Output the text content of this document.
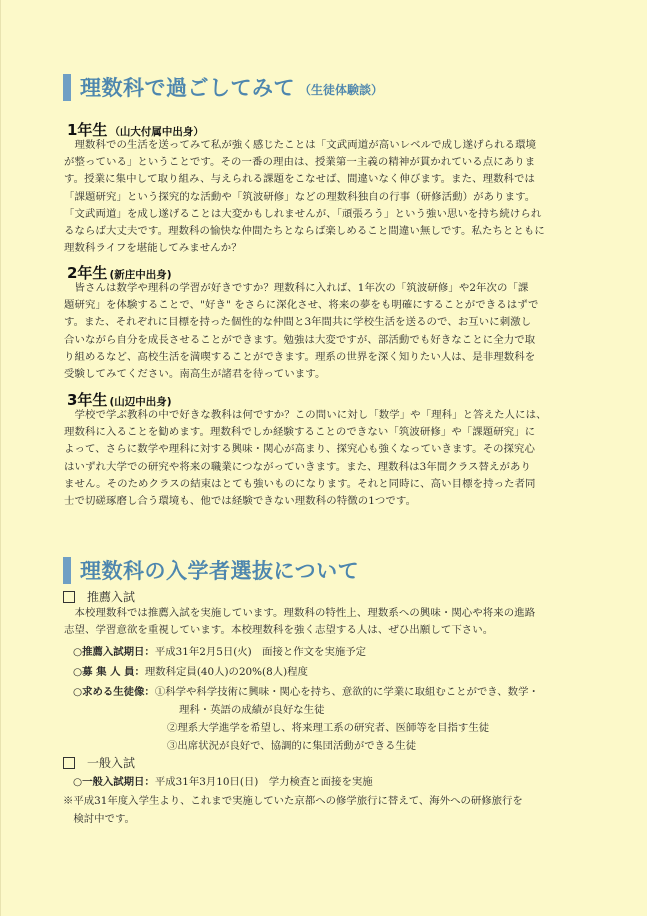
理数科で過ごしてみて （生徒体験談）
1年生 （山大付属中出身）
　理数科での生活を送ってみて私が強く感じたことは「文武両道が高いレベルで成し遂げられる環境
が整っている」ということです。その一番の理由は、授業第一主義の精神が貫かれている点にありま
す。授業に集中して取り組み、与えられる課題をこなせば、間違いなく伸びます。また、理数科では
「課題研究」という探究的な活動や「筑波研修」などの理数科独自の行事（研修活動）があります。
「文武両道」を成し遂げることは大変かもしれませんが、「頑張ろう」という強い思いを持ち続けられ
るならば大丈夫です。理数科の愉快な仲間たちとならば楽しめること間違い無しです。私たちとともに
理数科ライフを堪能してみませんか？
2年生 (新庄中出身)
　皆さんは数学や理科の学習が好きですか？理数科に入れば、1年次の「筑波研修」や2年次の「課
題研究」を体験することで、"好き" をさらに深化させ、将来の夢をも明確にすることができるはずで
す。また、それぞれに目標を持った個性的な仲間と3年間共に学校生活を送るので、お互いに刺激し
合いながら自分を成長させることができます。勉強は大変ですが、部活動でも好きなことに全力で取
り組めるなど、高校生活を満喫することができます。理系の世界を深く知りたい人は、是非理数科を
受験してみてください。南高生が諸君を待っています。
3年生 (山辺中出身)
　学校で学ぶ教科の中で好きな教科は何ですか？この問いに対し「数学」や「理科」と答えた人には、
理数科に入ることを勧めます。理数科でしか経験することのできない「筑波研修」や「課題研究」に
よって、さらに数学や理科に対する興味・関心が高まり、探究心も強くなっていきます。その探究心
はいずれ大学での研究や将来の職業につながっていきます。また、理数科は3年間クラス替えがあり
ません。そのためクラスの結束はとても強いものになります。それと同時に、高い目標を持った者同
士で切磋琢磨し合う環境も、他では経験できない理数科の特徴の1つです。
理数科の入学者選抜について
推薦入試
　本校理数科では推薦入試を実施しています。理数科の特性上、理数系への興味・関心や将来の進路
志望、学習意欲を重視しています。本校理数科を強く志望する人は、ぜひ出願して下さい。
○推薦入試期日：平成31年2月5日(火)　面接と作文を実施予定
○募 集 人 員：理数科定員(40人)の20%(8人)程度
○求める生徒像：①科学や科学技術に興味・関心を持ち、意欲的に学業に取組むことができ、数学・
理科・英語の成績が良好な生徒
②理系大学進学を希望し、将来理工系の研究者、医師等を目指す生徒
③出席状況が良好で、協調的に集団活動ができる生徒
一般入試
○一般入試期日：平成31年3月10日(日)　学力検査と面接を実施
※平成31年度入学生より、これまで実施していた京都への修学旅行に替えて、海外への研修旅行を
　検討中です。
